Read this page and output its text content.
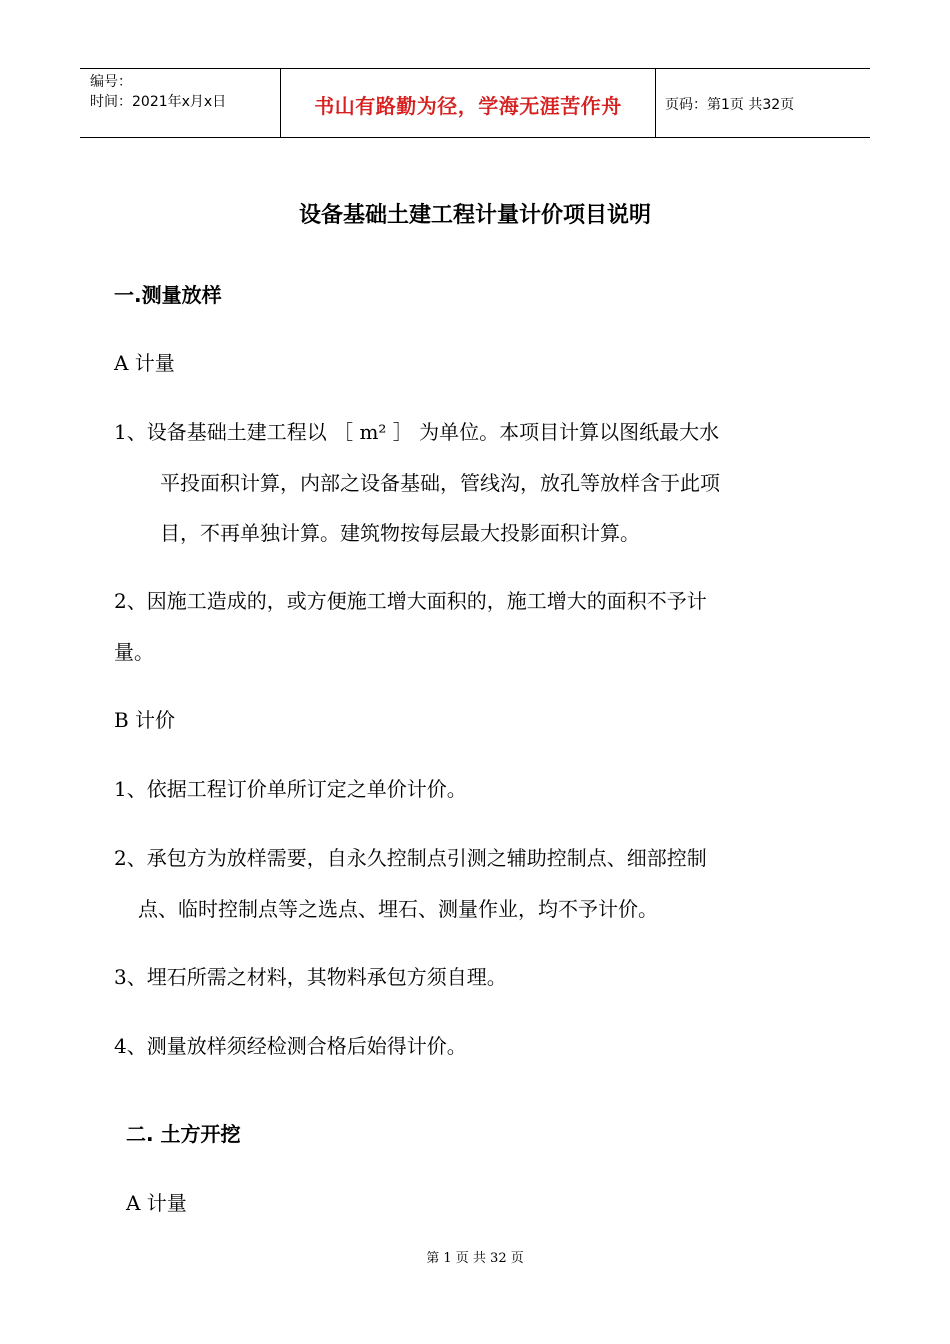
编号：
时间：2021年x月x日	书山有路勤为径，学海无涯苦作舟	页码：第1页 共32页
设备基础土建工程计量计价项目说明
一.测量放样
A 计量
1、设备基础土建工程以 ［ m² ］ 为单位。本项目计算以图纸最大水
平投面积计算，内部之设备基础，管线沟，放孔等放样含于此项
目，不再单独计算。建筑物按每层最大投影面积计算。
2、因施工造成的，或方便施工增大面积的，施工增大的面积不予计
量。
B 计价
1、依据工程订价单所订定之单价计价。
2、承包方为放样需要，自永久控制点引测之辅助控制点、细部控制
点、临时控制点等之选点、埋石、测量作业，均不予计价。
3、埋石所需之材料，其物料承包方须自理。
4、测量放样须经检测合格后始得计价。
二. 土方开挖
A 计量
第 1 页 共 32 页
